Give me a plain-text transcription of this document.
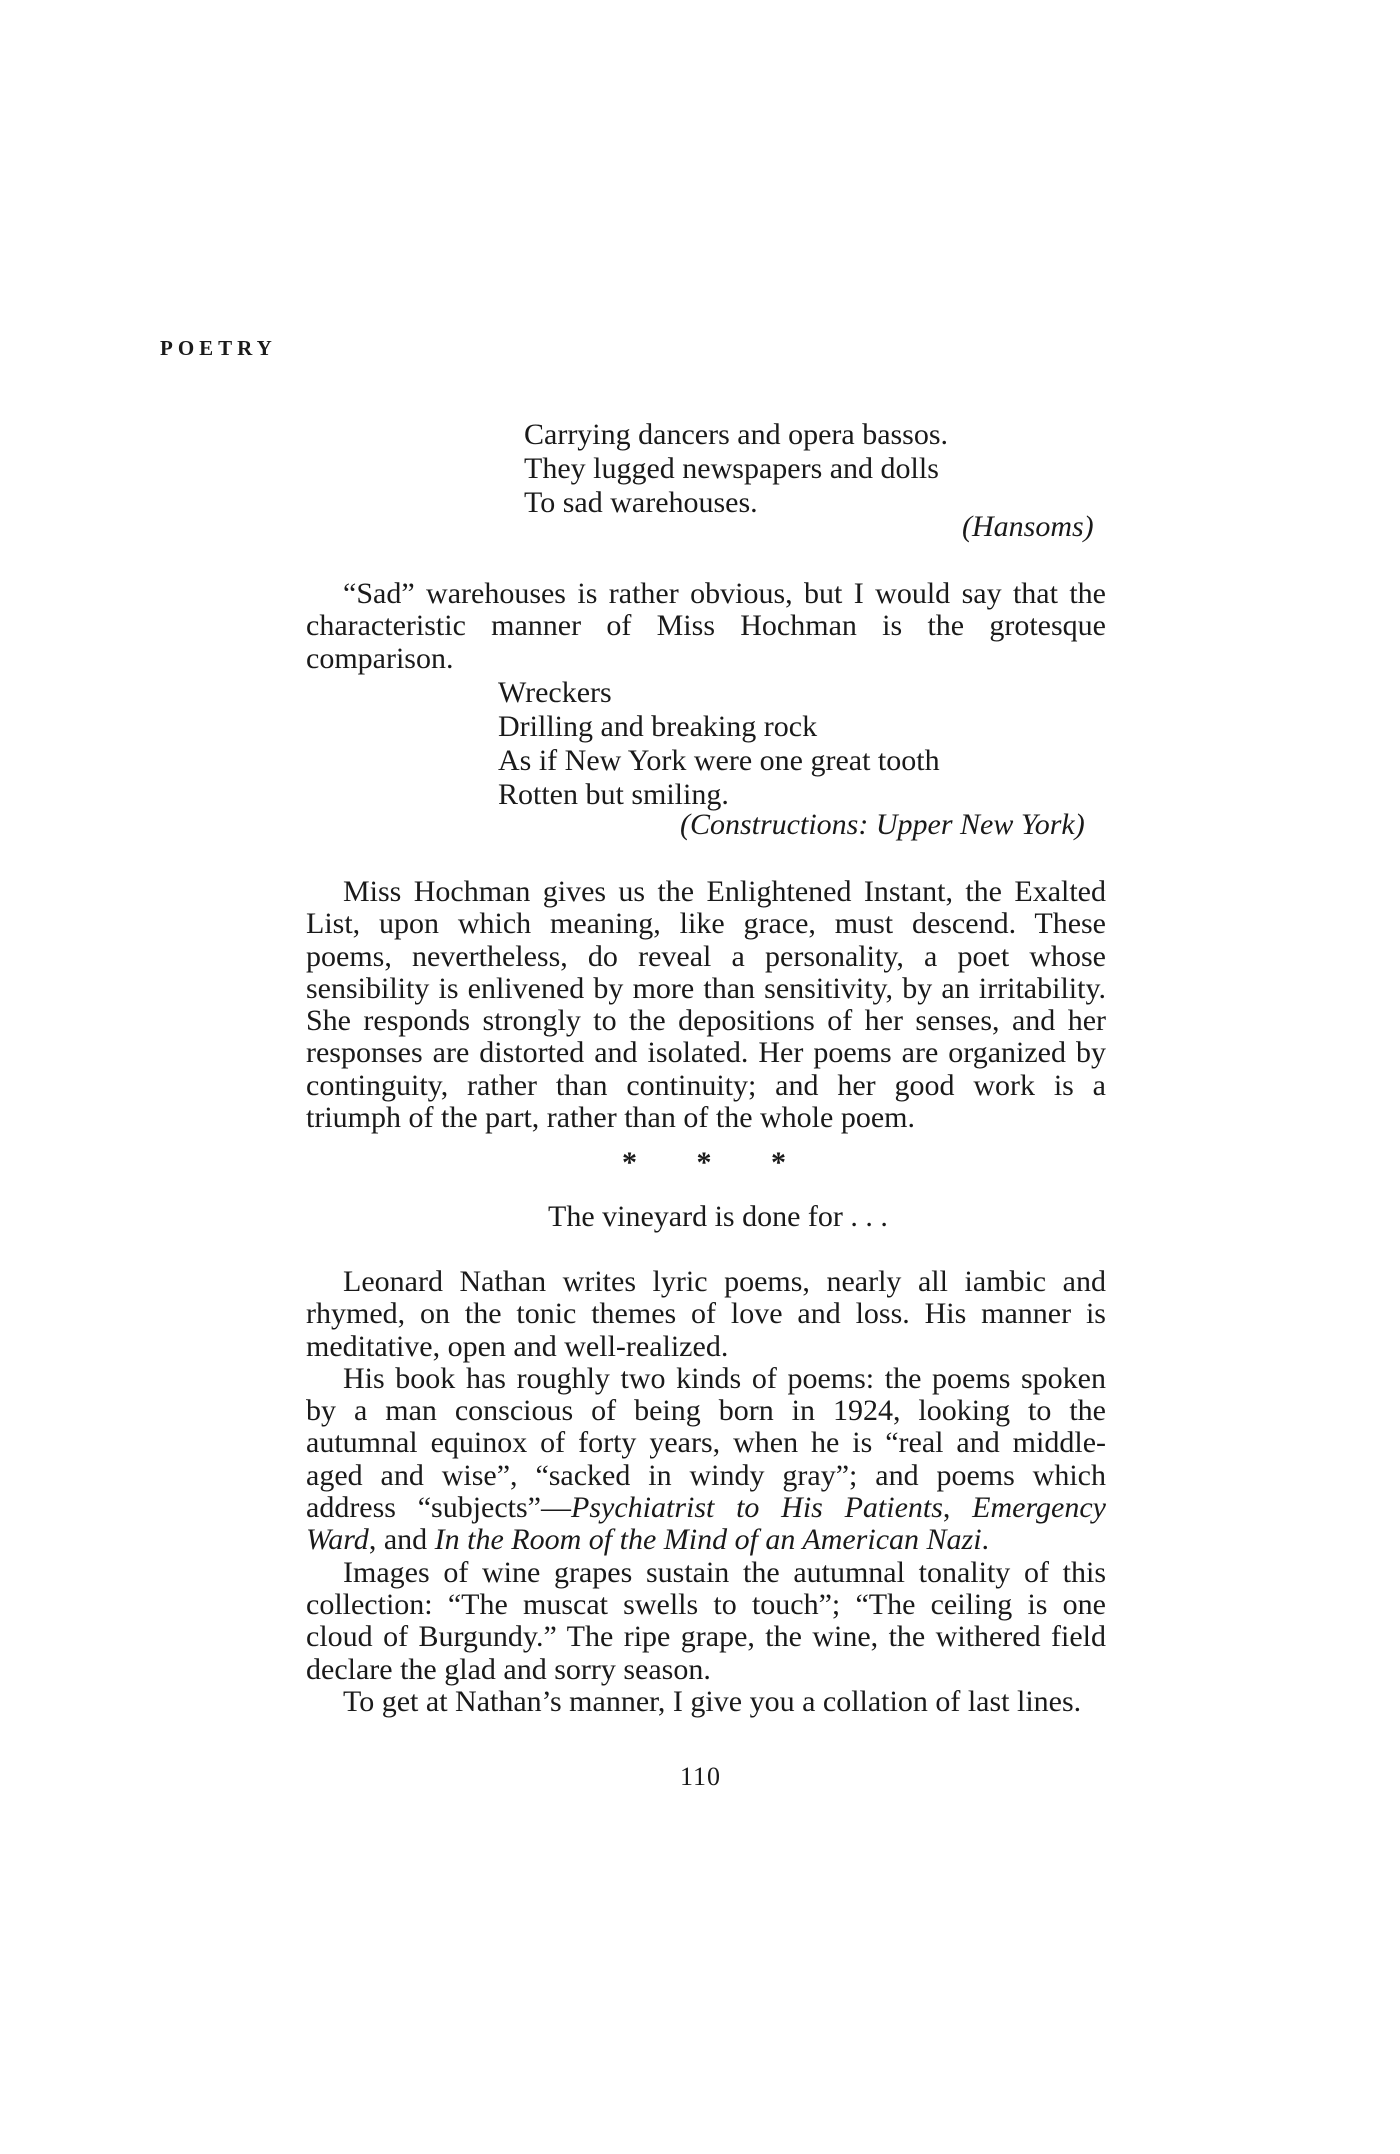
POETRY
Carrying dancers and opera bassos.
They lugged newspapers and dolls
To sad warehouses.
(Hansoms)

“Sad” warehouses is rather obvious, but I would say that the characteristic manner of Miss Hochman is the grotesque comparison.

Wreckers
Drilling and breaking rock
As if New York were one great tooth
Rotten but smiling.
(Constructions: Upper New York)

Miss Hochman gives us the Enlightened Instant, the Exalted List, upon which meaning, like grace, must descend. These poems, nevertheless, do reveal a personality, a poet whose sensibility is enlivened by more than sensitivity, by an irritability. She responds strongly to the depositions of her senses, and her responses are distorted and isolated. Her poems are organized by continguity, rather than continuity; and her good work is a triumph of the part, rather than of the whole poem.

* * *
The vineyard is done for . . .

Leonard Nathan writes lyric poems, nearly all iambic and rhymed, on the tonic themes of love and loss. His manner is meditative, open and well-realized.

His book has roughly two kinds of poems: the poems spoken by a man conscious of being born in 1924, looking to the autumnal equinox of forty years, when he is “real and middle-aged and wise”, “sacked in windy gray”; and poems which address “subjects”—Psychiatrist to His Patients, Emergency Ward, and In the Room of the Mind of an American Nazi.

Images of wine grapes sustain the autumnal tonality of this collection: “The muscat swells to touch”; “The ceiling is one cloud of Burgundy.” The ripe grape, the wine, the withered field declare the glad and sorry season.

To get at Nathan’s manner, I give you a collation of last lines.

110
